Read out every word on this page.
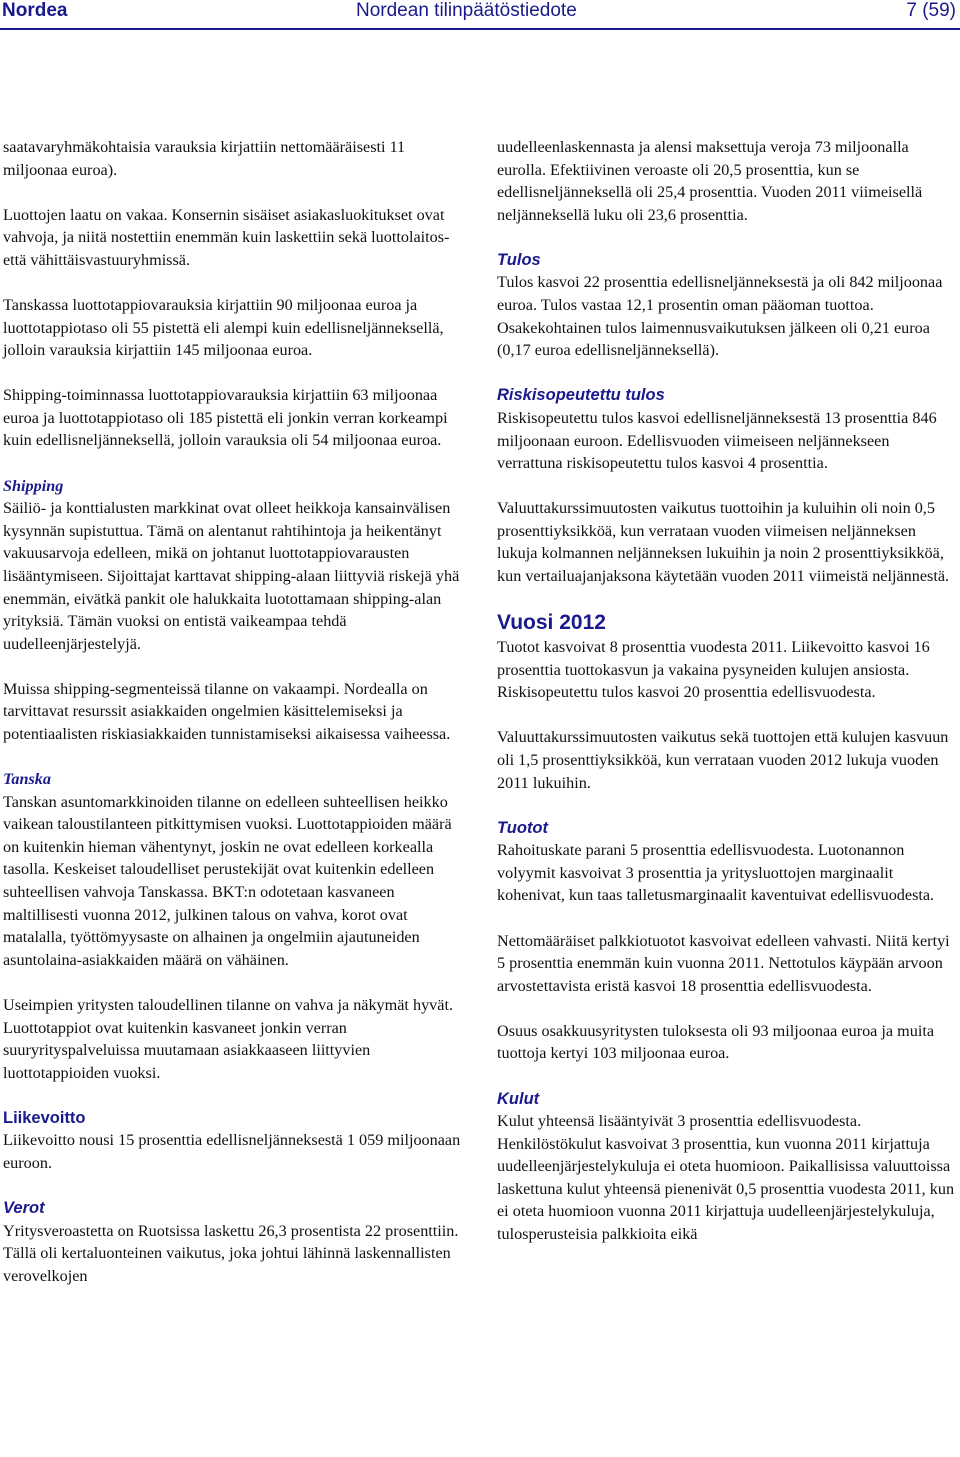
Nordea	Nordean tilinpäätöstiedote	7 (59)

saatavaryhmäkohtaisia varauksia kirjattiin nettomääräisesti 11 miljoonaa euroa).

Luottojen laatu on vakaa. Konsernin sisäiset asiakasluokitukset ovat vahvoja, ja niitä nostettiin enemmän kuin laskettiin sekä luottolaitos- että vähittäisvastuuryhmissä.

Tanskassa luottotappiovarauksia kirjattiin 90 miljoonaa euroa ja luottotappiotaso oli 55 pistettä eli alempi kuin edellisneljänneksellä, jolloin varauksia kirjattiin 145 miljoonaa euroa.

Shipping-toiminnassa luottotappiovarauksia kirjattiin 63 miljoonaa euroa ja luottotappiotaso oli 185 pistettä eli jonkin verran korkeampi kuin edellisneljänneksellä, jolloin varauksia oli 54 miljoonaa euroa.

Shipping

Säiliö- ja konttialusten markkinat ovat olleet heikkoja kansainvälisen kysynnän supistuttua. Tämä on alentanut rahtihintoja ja heikentänyt vakuusarvoja edelleen, mikä on johtanut luottotappiovarausten lisääntymiseen. Sijoittajat karttavat shipping-alaan liittyviä riskejä yhä enemmän, eivätkä pankit ole halukkaita luotottamaan shipping-alan yrityksiä. Tämän vuoksi on entistä vaikeampaa tehdä uudelleenjärjestelyjä.

Muissa shipping-segmenteissä tilanne on vakaampi. Nordealla on tarvittavat resurssit asiakkaiden ongelmien käsittelemiseksi ja potentiaalisten riskiasiakkaiden tunnistamiseksi aikaisessa vaiheessa.

Tanska

Tanskan asuntomarkkinoiden tilanne on edelleen suhteellisen heikko vaikean taloustilanteen pitkittymisen vuoksi. Luottotappioiden määrä on kuitenkin hieman vähentynyt, joskin ne ovat edelleen korkealla tasolla. Keskeiset taloudelliset perustekijät ovat kuitenkin edelleen suhteellisen vahvoja Tanskassa. BKT:n odotetaan kasvaneen maltillisesti vuonna 2012, julkinen talous on vahva, korot ovat matalalla, työttömyysaste on alhainen ja ongelmiin ajautuneiden asuntolaina-asiakkaiden määrä on vähäinen.

Useimpien yritysten taloudellinen tilanne on vahva ja näkymät hyvät. Luottotappiot ovat kuitenkin kasvaneet jonkin verran suuryrityspalveluissa muutamaan asiakkaaseen liittyvien luottotappioiden vuoksi.

Liikevoitto

Liikevoitto nousi 15 prosenttia edellisneljänneksestä 1 059 miljoonaan euroon.

Verot

Yritysveroastetta on Ruotsissa laskettu 26,3 prosentista 22 prosenttiin. Tällä oli kertaluonteinen vaikutus, joka johtui lähinnä laskennallisten verovelkojen

uudelleenlaskennasta ja alensi maksettuja veroja 73 miljoonalla eurolla. Efektiivinen veroaste oli 20,5 prosenttia, kun se edellisneljänneksellä oli 25,4 prosenttia. Vuoden 2011 viimeisellä neljänneksellä luku oli 23,6 prosenttia.

Tulos

Tulos kasvoi 22 prosenttia edellisneljänneksestä ja oli 842 miljoonaa euroa. Tulos vastaa 12,1 prosentin oman pääoman tuottoa. Osakekohtainen tulos laimennusvaikutuksen jälkeen oli 0,21 euroa (0,17 euroa edellisneljänneksellä).

Riskisopeutettu tulos

Riskisopeutettu tulos kasvoi edellisneljänneksestä 13 prosenttia 846 miljoonaan euroon. Edellisvuoden viimeiseen neljännekseen verrattuna riskisopeutettu tulos kasvoi 4 prosenttia.

Valuuttakurssimuutosten vaikutus tuottoihin ja kuluihin oli noin 0,5 prosenttiyksikköä, kun verrataan vuoden viimeisen neljänneksen lukuja kolmannen neljänneksen lukuihin ja noin 2 prosenttiyksikköä, kun vertailuajanjaksona käytetään vuoden 2011 viimeistä neljännestä.

Vuosi 2012

Tuotot kasvoivat 8 prosenttia vuodesta 2011. Liikevoitto kasvoi 16 prosenttia tuottokasvun ja vakaina pysyneiden kulujen ansiosta. Riskisopeutettu tulos kasvoi 20 prosenttia edellisvuodesta.

Valuuttakurssimuutosten vaikutus sekä tuottojen että kulujen kasvuun oli 1,5 prosenttiyksikköä, kun verrataan vuoden 2012 lukuja vuoden 2011 lukuihin.

Tuotot

Rahoituskate parani 5 prosenttia edellisvuodesta. Luotonannon volyymit kasvoivat 3 prosenttia ja yritysluottojen marginaalit kohenivat, kun taas talletusmarginaalit kaventuivat edellisvuodesta.

Nettomääräiset palkkiotuotot kasvoivat edelleen vahvasti. Niitä kertyi 5 prosenttia enemmän kuin vuonna 2011. Nettotulos käypään arvoon arvostettavista eristä kasvoi 18 prosenttia edellisvuodesta.

Osuus osakkuusyritysten tuloksesta oli 93 miljoonaa euroa ja muita tuottoja kertyi 103 miljoonaa euroa.

Kulut

Kulut yhteensä lisääntyivät 3 prosenttia edellisvuodesta. Henkilöstökulut kasvoivat 3 prosenttia, kun vuonna 2011 kirjattuja uudelleenjärjestelykuluja ei oteta huomioon. Paikallisissa valuuttoissa laskettuna kulut yhteensä pienenivät 0,5 prosenttia vuodesta 2011, kun ei oteta huomioon vuonna 2011 kirjattuja uudelleenjärjestelykuluja, tulosperusteisia palkkioita eikä
